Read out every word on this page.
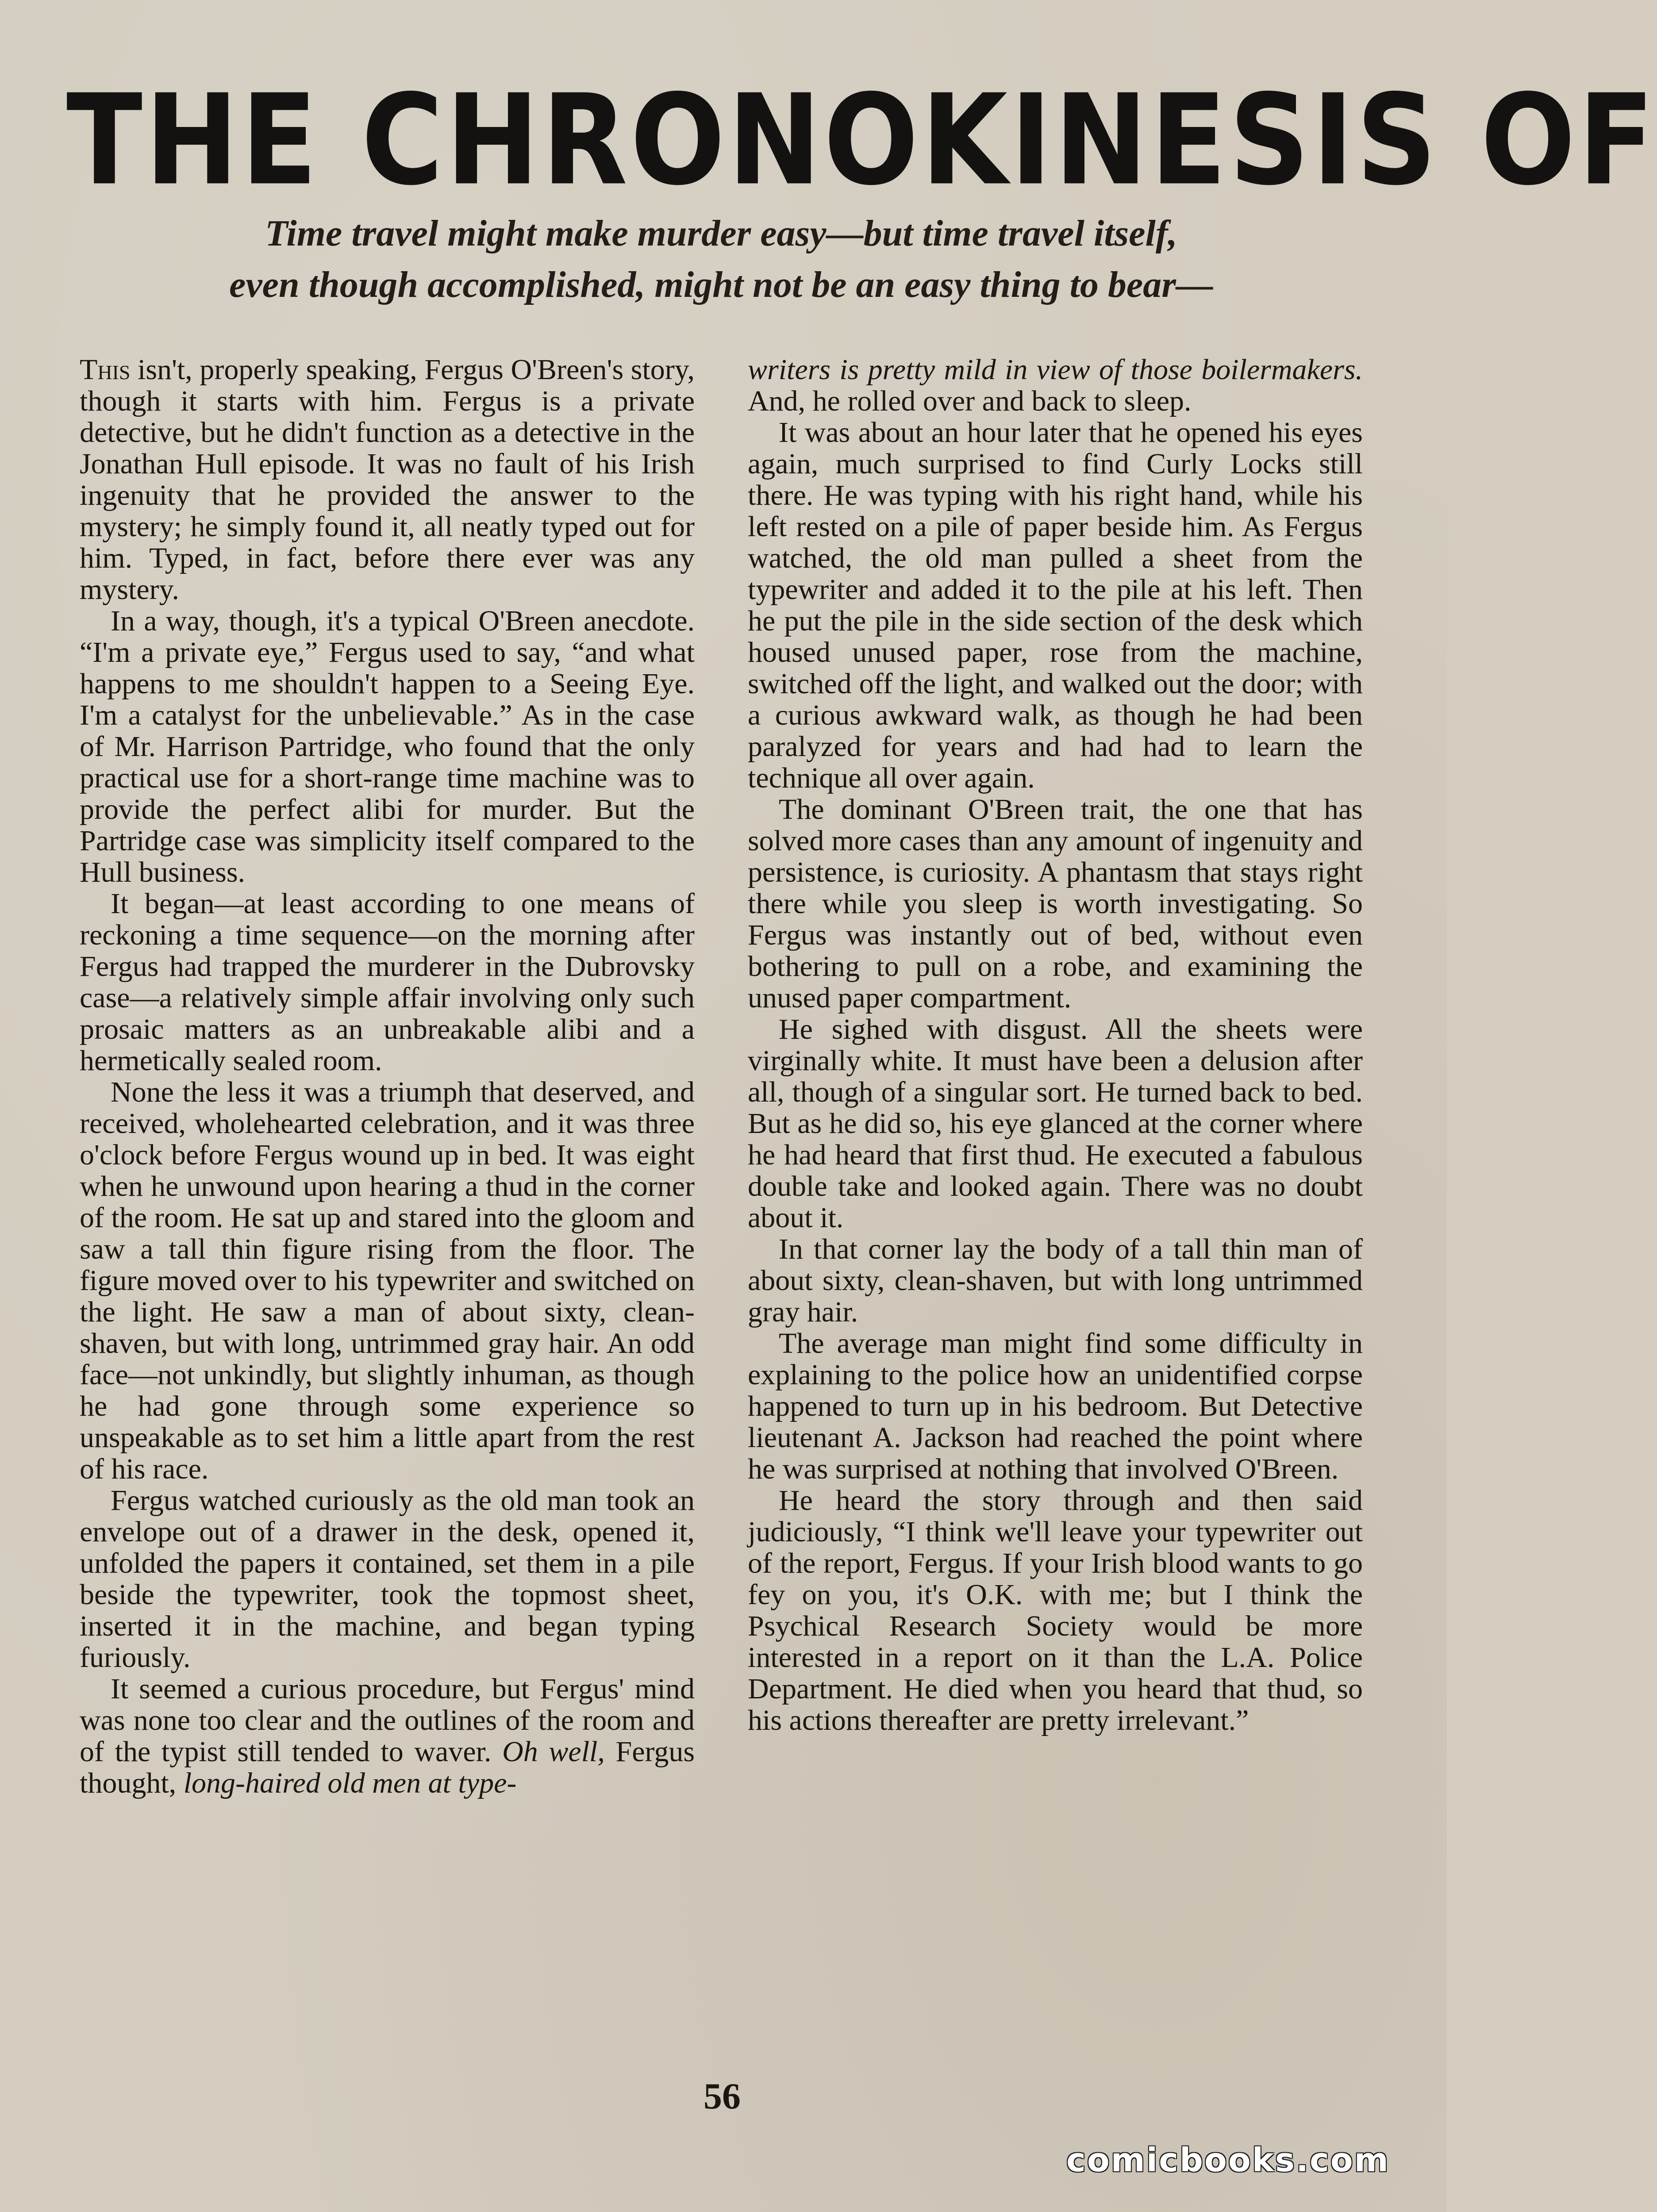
THE CHRONOKINESIS OF
Time travel might make murder easy—but time travel itself,
even though accomplished, might not be an easy thing to bear—

This isn't, properly speaking, Fergus O'Breen's story, though it starts with him. Fergus is a private detective, but he didn't function as a detective in the Jonathan Hull episode. It was no fault of his Irish ingenuity that he provided the answer to the mystery; he simply found it, all neatly typed out for him. Typed, in fact, before there ever was any mystery.

In a way, though, it's a typical O'Breen anecdote. “I'm a private eye,” Fergus used to say, “and what happens to me shouldn't happen to a Seeing Eye. I'm a catalyst for the unbelievable.” As in the case of Mr. Harrison Partridge, who found that the only practical use for a short-range time machine was to provide the perfect alibi for murder. But the Partridge case was simplicity itself compared to the Hull business.

It began—at least according to one means of reckoning a time sequence—on the morning after Fergus had trapped the murderer in the Dubrovsky case—a relatively simple affair involving only such prosaic matters as an unbreakable alibi and a hermetically sealed room.

None the less it was a triumph that deserved, and received, wholehearted celebration, and it was three o'clock before Fergus wound up in bed. It was eight when he unwound upon hearing a thud in the corner of the room. He sat up and stared into the gloom and saw a tall thin figure rising from the floor. The figure moved over to his typewriter and switched on the light. He saw a man of about sixty, clean-shaven, but with long, untrimmed gray hair. An odd face—not unkindly, but slightly inhuman, as though he had gone through some experience so unspeakable as to set him a little apart from the rest of his race.

Fergus watched curiously as the old man took an envelope out of a drawer in the desk, opened it, unfolded the papers it contained, set them in a pile beside the typewriter, took the topmost sheet, inserted it in the machine, and began typing furiously.

It seemed a curious procedure, but Fergus' mind was none too clear and the outlines of the room and of the typist still tended to waver. Oh well, Fergus thought, long-haired old men at type-

writers is pretty mild in view of those boilermakers. And, he rolled over and back to sleep.

It was about an hour later that he opened his eyes again, much surprised to find Curly Locks still there. He was typing with his right hand, while his left rested on a pile of paper beside him. As Fergus watched, the old man pulled a sheet from the typewriter and added it to the pile at his left. Then he put the pile in the side section of the desk which housed unused paper, rose from the machine, switched off the light, and walked out the door; with a curious awkward walk, as though he had been paralyzed for years and had had to learn the technique all over again.

The dominant O'Breen trait, the one that has solved more cases than any amount of ingenuity and persistence, is curiosity. A phantasm that stays right there while you sleep is worth investigating. So Fergus was instantly out of bed, without even bothering to pull on a robe, and examining the unused paper compartment.

He sighed with disgust. All the sheets were virginally white. It must have been a delusion after all, though of a singular sort. He turned back to bed. But as he did so, his eye glanced at the corner where he had heard that first thud. He executed a fabulous double take and looked again. There was no doubt about it.

In that corner lay the body of a tall thin man of about sixty, clean-shaven, but with long untrimmed gray hair.

The average man might find some difficulty in explaining to the police how an unidentified corpse happened to turn up in his bedroom. But Detective lieutenant A. Jackson had reached the point where he was surprised at nothing that involved O'Breen.

He heard the story through and then said judiciously, “I think we'll leave your typewriter out of the report, Fergus. If your Irish blood wants to go fey on you, it's O.K. with me; but I think the Psychical Research Society would be more interested in a report on it than the L.A. Police Department. He died when you heard that thud, so his actions thereafter are pretty irrelevant.”

56
comicbooks.com
